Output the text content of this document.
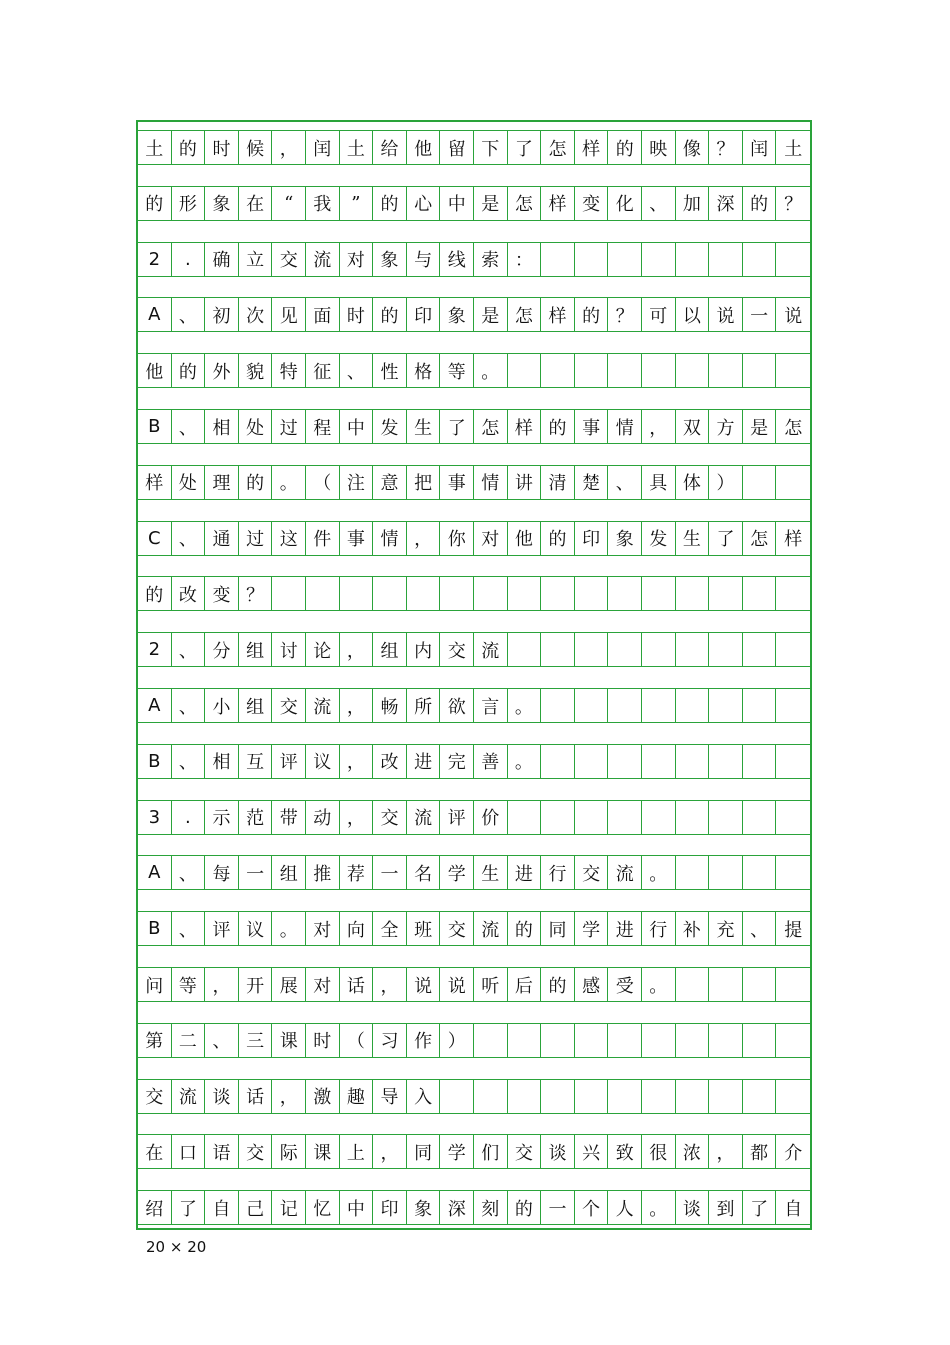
土 的 时 候 ， 闰 土 给 他 留 下 了 怎 样 的 映 像 ？ 闰 土
的 形 象 在	“	我	”	的 心 中 是 怎 样 变 化 、 加 深 的 ？
2	.	确 立 交 流 对 象 与 线 索 ：
A	、 初 次 见 面 时 的 印 象 是 怎 样 的 ？ 可 以 说 一 说
他 的 外 貌 特 征 、 性 格 等 。
B	、 相 处 过 程 中 发 生 了 怎 样 的 事 情 ， 双 方 是 怎
样 处 理 的 。 （ 注 意 把 事 情 讲 清 楚 、 具 体 ）
C	、 通 过 这 件 事 情 ， 你 对 他 的 印 象 发 生 了 怎 样
的 改 变 ？
2	、 分 组 讨 论 ， 组 内 交 流
A	、 小 组 交 流 ， 畅 所 欲 言 。
B	、 相 互 评 议 ， 改 进 完 善 。
3	.	示 范 带 动 ， 交 流 评 价
A	、 每 一 组 推 荐 一 名 学 生 进 行 交 流 。
B	、 评 议 。 对 向 全 班 交 流 的 同 学 进 行 补 充 、 提
问 等 ， 开 展 对 话 ， 说 说 听 后 的 感 受 。
第 二 、 三 课 时 （ 习 作 ）
交 流 谈 话 ， 激 趣 导 入
在 口 语 交 际 课 上 ， 同 学 们 交 谈 兴 致 很 浓 ， 都 介
绍 了 自 己 记 忆 中 印 象 深 刻 的 一 个 人 。 谈 到 了 自
20 × 20
